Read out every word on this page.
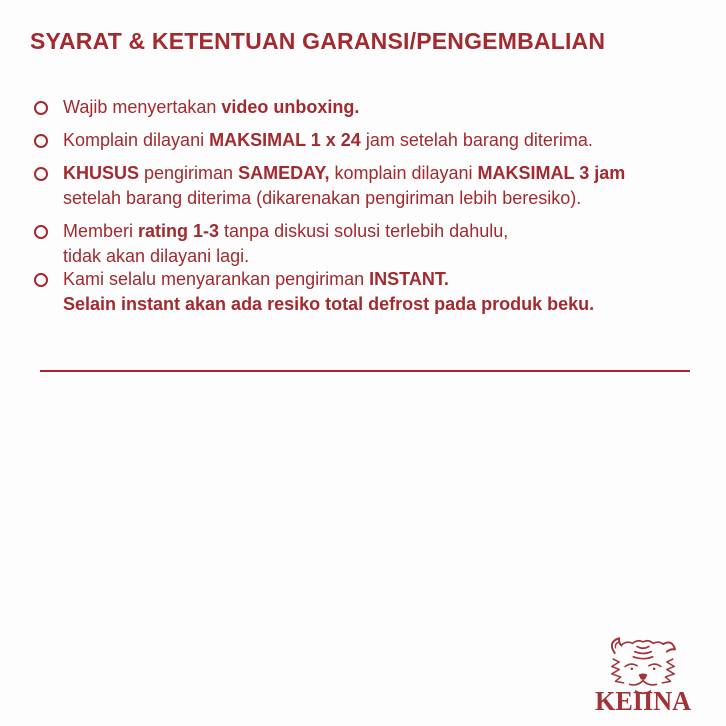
SYARAT & KETENTUAN GARANSI/PENGEMBALIAN

Wajib menyertakan video unboxing.

Komplain dilayani MAKSIMAL 1 x 24 jam setelah barang diterima.

KHUSUS pengiriman SAMEDAY, komplain dilayani MAKSIMAL 3 jam
setelah barang diterima (dikarenakan pengiriman lebih beresiko).

Memberi rating 1-3 tanpa diskusi solusi terlebih dahulu,
tidak akan dilayani lagi.

Kami selalu menyarankan pengiriman INSTANT.
Selain instant akan ada resiko total defrost pada produk beku.

KEIINA
